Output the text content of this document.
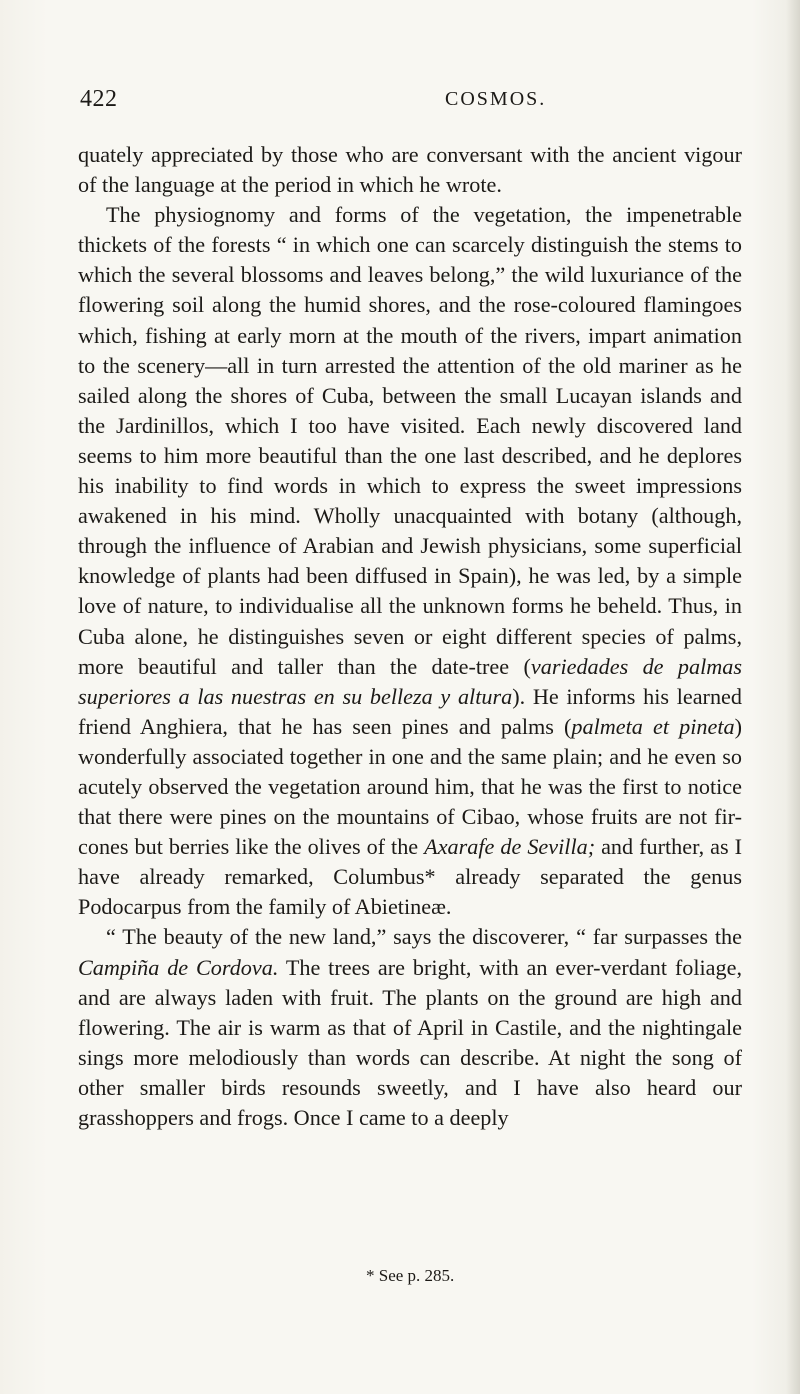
422	COSMOS.

quately appreciated by those who are conversant with the ancient vigour of the language at the period in which he wrote.

The physiognomy and forms of the vegetation, the impenetrable thickets of the forests “ in which one can scarcely distinguish the stems to which the several blossoms and leaves belong,” the wild luxuriance of the flowering soil along the humid shores, and the rose-coloured flamingoes which, fishing at early morn at the mouth of the rivers, impart animation to the scenery—all in turn arrested the attention of the old mariner as he sailed along the shores of Cuba, between the small Lucayan islands and the Jardinillos, which I too have visited. Each newly discovered land seems to him more beautiful than the one last described, and he deplores his inability to find words in which to express the sweet impressions awakened in his mind. Wholly unacquainted with botany (although, through the influence of Arabian and Jewish physicians, some superficial knowledge of plants had been diffused in Spain), he was led, by a simple love of nature, to individualise all the unknown forms he beheld. Thus, in Cuba alone, he distinguishes seven or eight different species of palms, more beautiful and taller than the date-tree (variedades de palmas superiores a las nuestras en su belleza y altura). He informs his learned friend Anghiera, that he has seen pines and palms (palmeta et pineta) wonderfully associated together in one and the same plain; and he even so acutely observed the vegetation around him, that he was the first to notice that there were pines on the mountains of Cibao, whose fruits are not fir-cones but berries like the olives of the Axarafe de Sevilla; and further, as I have already remarked, Columbus* already separated the genus Podocarpus from the family of Abietineæ.

“ The beauty of the new land,” says the discoverer, “ far surpasses the Campiña de Cordova. The trees are bright, with an ever-verdant foliage, and are always laden with fruit. The plants on the ground are high and flowering. The air is warm as that of April in Castile, and the nightingale sings more melodiously than words can describe. At night the song of other smaller birds resounds sweetly, and I have also heard our grasshoppers and frogs. Once I came to a deeply

* See p. 285.
